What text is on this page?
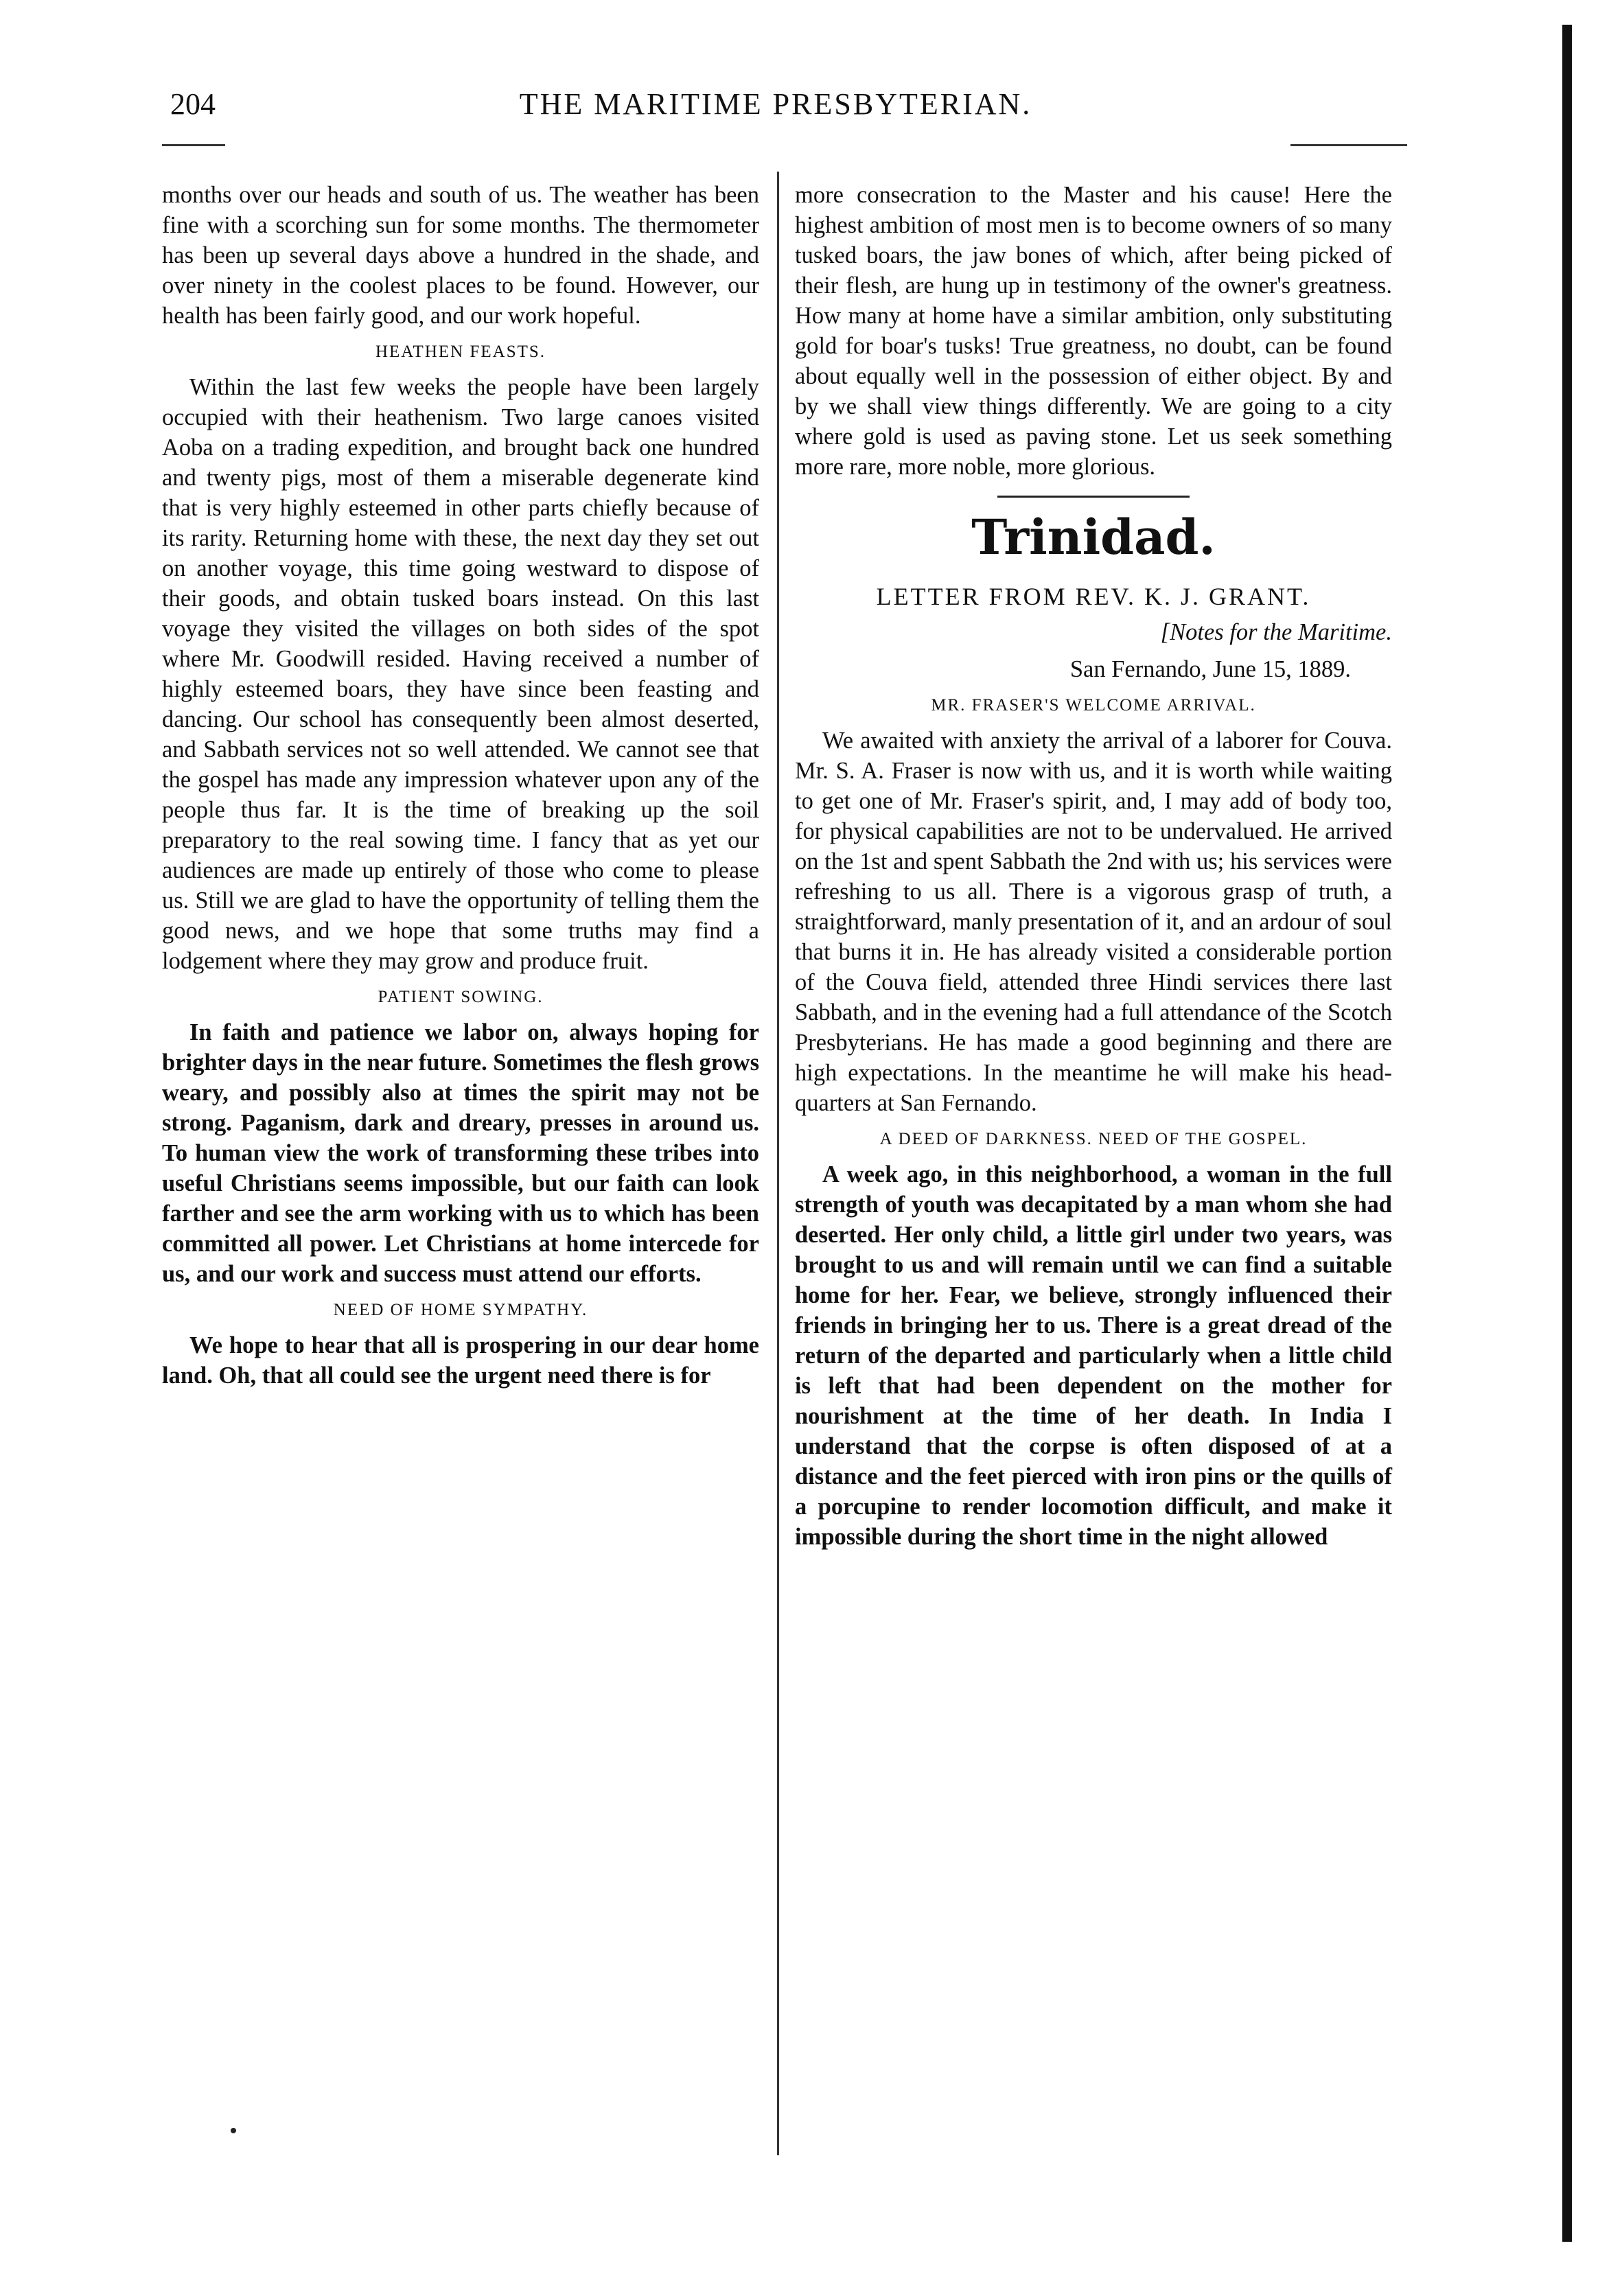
204	THE MARITIME PRESBYTERIAN.

months over our heads and south of us. The weather has been fine with a scorching sun for some months. The thermometer has been up several days above a hundred in the shade, and over ninety in the coolest places to be found. However, our health has been fairly good, and our work hopeful.

HEATHEN FEASTS.

Within the last few weeks the people have been largely occupied with their heathenism. Two large canoes visited Aoba on a trading expedition, and brought back one hundred and twenty pigs, most of them a miserable degenerate kind that is very highly esteemed in other parts chiefly because of its rarity. Returning home with these, the next day they set out on another voyage, this time going westward to dispose of their goods, and obtain tusked boars instead. On this last voyage they visited the villages on both sides of the spot where Mr. Goodwill resided. Having received a number of highly esteemed boars, they have since been feasting and dancing. Our school has consequently been almost deserted, and Sabbath services not so well attended. We cannot see that the gospel has made any impression whatever upon any of the people thus far. It is the time of breaking up the soil preparatory to the real sowing time. I fancy that as yet our audiences are made up entirely of those who come to please us. Still we are glad to have the opportunity of telling them the good news, and we hope that some truths may find a lodgement where they may grow and produce fruit.

PATIENT SOWING.

In faith and patience we labor on, always hoping for brighter days in the near future. Sometimes the flesh grows weary, and possibly also at times the spirit may not be strong. Paganism, dark and dreary, presses in around us. To human view the work of transforming these tribes into useful Christians seems impossible, but our faith can look farther and see the arm working with us to which has been committed all power. Let Christians at home intercede for us, and our work and success must attend our efforts.

NEED OF HOME SYMPATHY.

We hope to hear that all is prospering in our dear home land. Oh, that all could see the urgent need there is for

more consecration to the Master and his cause! Here the highest ambition of most men is to become owners of so many tusked boars, the jaw bones of which, after being picked of their flesh, are hung up in testimony of the owner's greatness. How many at home have a similar ambition, only substituting gold for boar's tusks! True greatness, no doubt, can be found about equally well in the possession of either object. By and by we shall view things differently. We are going to a city where gold is used as paving stone. Let us seek something more rare, more noble, more glorious.

Trinidad.
LETTER FROM REV. K. J. GRANT.
[Notes for the Maritime.
San Fernando, June 15, 1889.
MR. FRASER'S WELCOME ARRIVAL.

We awaited with anxiety the arrival of a laborer for Couva. Mr. S. A. Fraser is now with us, and it is worth while waiting to get one of Mr. Fraser's spirit, and, I may add of body too, for physical capabilities are not to be undervalued. He arrived on the 1st and spent Sabbath the 2nd with us; his services were refreshing to us all. There is a vigorous grasp of truth, a straightforward, manly presentation of it, and an ardour of soul that burns it in. He has already visited a considerable portion of the Couva field, attended three Hindi services there last Sabbath, and in the evening had a full attendance of the Scotch Presbyterians. He has made a good beginning and there are high expectations. In the meantime he will make his head-quarters at San Fernando.

A DEED OF DARKNESS. NEED OF THE GOSPEL.

A week ago, in this neighborhood, a woman in the full strength of youth was decapitated by a man whom she had deserted. Her only child, a little girl under two years, was brought to us and will remain until we can find a suitable home for her. Fear, we believe, strongly influenced their friends in bringing her to us. There is a great dread of the return of the departed and particularly when a little child is left that had been dependent on the mother for nourishment at the time of her death. In India I understand that the corpse is often disposed of at a distance and the feet pierced with iron pins or the quills of a porcupine to render locomotion difficult, and make it impossible during the short time in the night allowed
